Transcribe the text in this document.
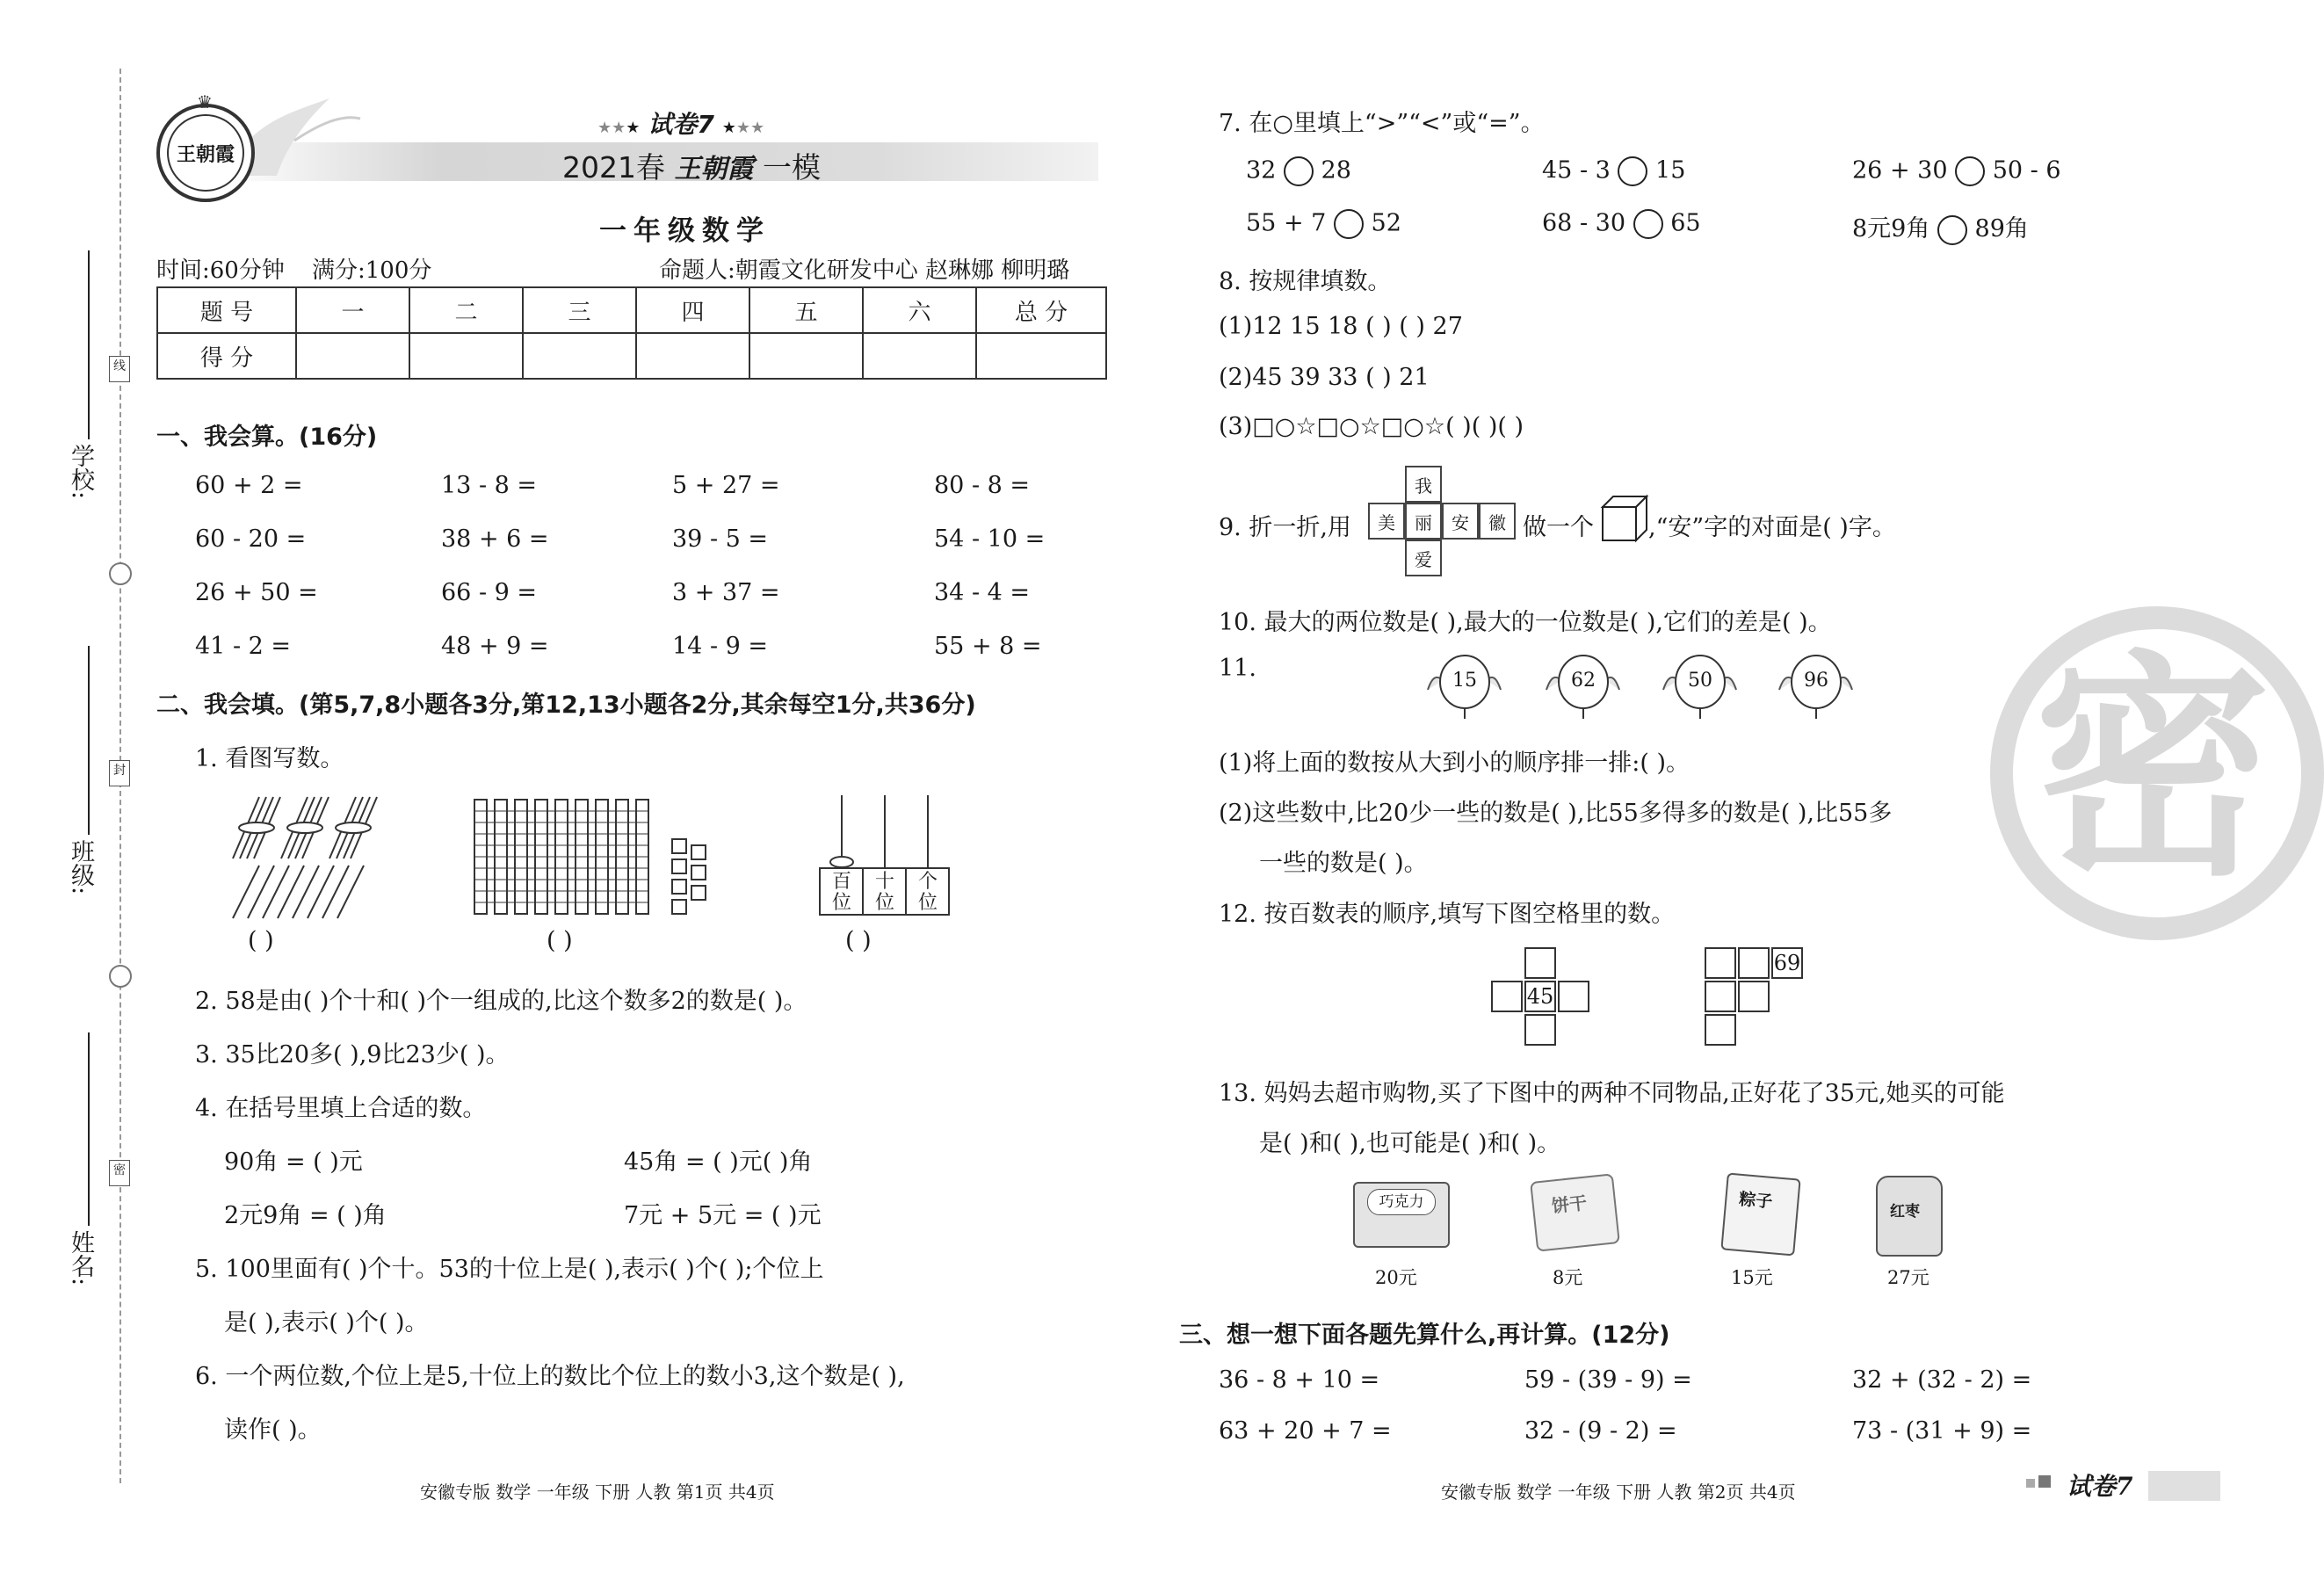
学校:
班级:
姓名:
线
封
密
王朝霞
♛
★★★ 试卷7 ★★★
2021春 王朝霞 一模
一年级数学
时间:60分钟 满分:100分	命题人:朝霞文化研发中心 赵琳娜 柳明璐
题 号	一	二	三	四	五	六	总 分
得 分							
一、我会算。(16分)
60 + 2 =	13 - 8 =	5 + 27 =	80 - 8 =
60 - 20 =	38 + 6 =	39 - 5 =	54 - 10 =
26 + 50 =	66 - 9 =	3 + 37 =	34 - 4 =
41 - 2 =	48 + 9 =	14 - 9 =	55 + 8 =
二、我会填。(第5,7,8小题各3分,第12,13小题各2分,其余每空1分,共36分)
1. 看图写数。
百位
十位
个位
( )	( )	( )
2. 58是由( )个十和( )个一组成的,比这个数多2的数是( )。
3. 35比20多( ),9比23少( )。
4. 在括号里填上合适的数。
90角 = ( )元	45角 = ( )元( )角
2元9角 = ( )角	7元 + 5元 = ( )元
5. 100里面有( )个十。53的十位上是( ),表示( )个( );个位上
是( ),表示( )个( )。
6. 一个两位数,个位上是5,十位上的数比个位上的数小3,这个数是( ),
读作( )。
安徽专版 数学 一年级 下册 人教 第1页 共4页
7. 在○里填上“>”“<”或“=”。
32 28	45 - 3 15	26 + 30 50 - 6
55 + 7 52	68 - 30 65	8元9角 89角
8. 按规律填数。
(1)12 15 18 ( ) ( ) 27
(2)45 39 33 ( ) 21
(3)□○☆□○☆□○☆( )( )( )
9. 折一折,用
我
美	丽	安	徽
爱
做一个 ,“安”字的对面是( )字。
10. 最大的两位数是( ),最大的一位数是( ),它们的差是( )。
11.	15	62	50	96
(1)将上面的数按从大到小的顺序排一排:( )。
(2)这些数中,比20少一些的数是( ),比55多得多的数是( ),比55多
一些的数是( )。
12. 按百数表的顺序,填写下图空格里的数。
45
69
13. 妈妈去超市购物,买了下图中的两种不同物品,正好花了35元,她买的可能
是( )和( ),也可能是( )和( )。
巧克力
20元
饼干
8元
粽子
15元
红枣
27元
三、想一想下面各题先算什么,再计算。(12分)
36 - 8 + 10 =	59 - (39 - 9) =	32 + (32 - 2) =
63 + 20 + 7 =	32 - (9 - 2) =	73 - (31 + 9) =
密
安徽专版 数学 一年级 下册 人教 第2页 共4页	试卷7
